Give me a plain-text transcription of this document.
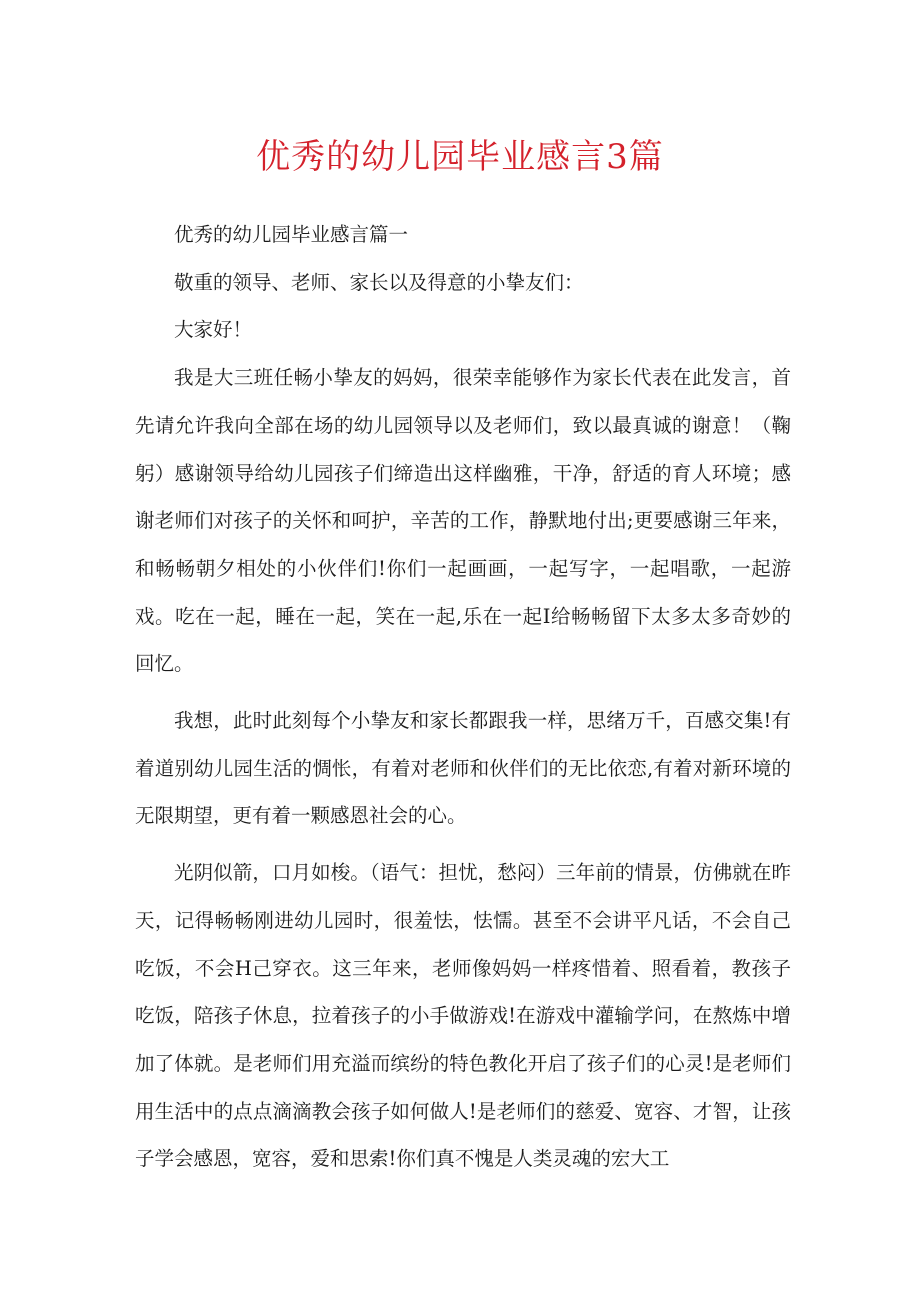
优秀的幼儿园毕业感言3篇

优秀的幼儿园毕业感言篇一

敬重的领导、老师、家长以及得意的小挚友们：

大家好！

我是大三班任畅小挚友的妈妈，很荣幸能够作为家长代表在此发言，首先请允许我向全部在场的幼儿园领导以及老师们，致以最真诚的谢意！（鞠躬）感谢领导给幼儿园孩子们缔造出这样幽雅，干净，舒适的育人环境；感谢老师们对孩子的关怀和呵护，辛苦的工作，静默地付出;更要感谢三年来，和畅畅朝夕相处的小伙伴们!你们一起画画，一起写字，一起唱歌，一起游戏。吃在一起，睡在一起，笑在一起,乐在一起I给畅畅留下太多太多奇妙的回忆。

我想，此时此刻每个小挚友和家长都跟我一样，思绪万千，百感交集!有着道别幼儿园生活的惆怅，有着对老师和伙伴们的无比依恋,有着对新环境的无限期望，更有着一颗感恩社会的心。

光阴似箭，口月如梭。（语气：担忧，愁闷）三年前的情景，仿佛就在昨天，记得畅畅刚进幼儿园时，很羞怯，怯懦。甚至不会讲平凡话，不会自己吃饭，不会H己穿衣。这三年来，老师像妈妈一样疼惜着、照看着，教孩子吃饭，陪孩子休息，拉着孩子的小手做游戏!在游戏中灌输学问，在熬炼中增加了体就。是老师们用充溢而缤纷的特色教化开启了孩子们的心灵!是老师们用生活中的点点滴滴教会孩子如何做人!是老师们的慈爱、宽容、才智，让孩子学会感恩，宽容，爱和思索!你们真不愧是人类灵魂的宏大工
